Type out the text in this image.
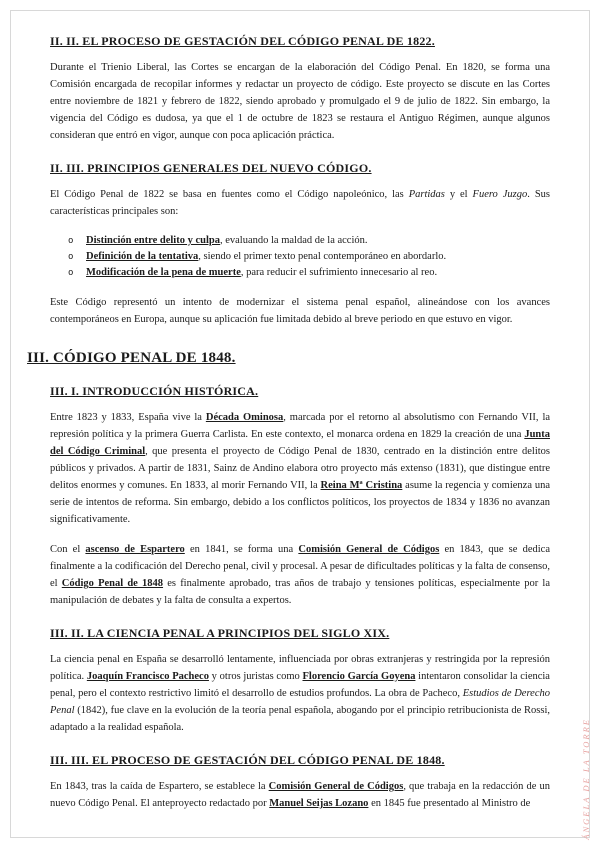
II. II. EL PROCESO DE GESTACIÓN DEL CÓDIGO PENAL DE 1822.

Durante el Trienio Liberal, las Cortes se encargan de la elaboración del Código Penal. En 1820, se forma una Comisión encargada de recopilar informes y redactar un proyecto de código. Este proyecto se discute en las Cortes entre noviembre de 1821 y febrero de 1822, siendo aprobado y promulgado el 9 de julio de 1822. Sin embargo, la vigencia del Código es dudosa, ya que el 1 de octubre de 1823 se restaura el Antiguo Régimen, aunque algunos consideran que entró en vigor, aunque con poca aplicación práctica.

II. III. PRINCIPIOS GENERALES DEL NUEVO CÓDIGO.

El Código Penal de 1822 se basa en fuentes como el Código napoleónico, las Partidas y el Fuero Juzgo. Sus características principales son:

o Distinción entre delito y culpa, evaluando la maldad de la acción.
o Definición de la tentativa, siendo el primer texto penal contemporáneo en abordarlo.
o Modificación de la pena de muerte, para reducir el sufrimiento innecesario al reo.

Este Código representó un intento de modernizar el sistema penal español, alineándose con los avances contemporáneos en Europa, aunque su aplicación fue limitada debido al breve periodo en que estuvo en vigor.

III. CÓDIGO PENAL DE 1848.
III. I. INTRODUCCIÓN HISTÓRICA.

Entre 1823 y 1833, España vive la Década Ominosa, marcada por el retorno al absolutismo con Fernando VII, la represión política y la primera Guerra Carlista. En este contexto, el monarca ordena en 1829 la creación de una Junta del Código Criminal, que presenta el proyecto de Código Penal de 1830, centrado en la distinción entre delitos públicos y privados. A partir de 1831, Sainz de Andino elabora otro proyecto más extenso (1831), que distingue entre delitos enormes y comunes. En 1833, al morir Fernando VII, la Reina Mª Cristina asume la regencia y comienza una serie de intentos de reforma. Sin embargo, debido a los conflictos políticos, los proyectos de 1834 y 1836 no avanzan significativamente.

Con el ascenso de Espartero en 1841, se forma una Comisión General de Códigos en 1843, que se dedica finalmente a la codificación del Derecho penal, civil y procesal. A pesar de dificultades políticas y la falta de consenso, el Código Penal de 1848 es finalmente aprobado, tras años de trabajo y tensiones políticas, especialmente por la manipulación de debates y la falta de consulta a expertos.

III. II. LA CIENCIA PENAL A PRINCIPIOS DEL SIGLO XIX.

La ciencia penal en España se desarrolló lentamente, influenciada por obras extranjeras y restringida por la represión política. Joaquín Francisco Pacheco y otros juristas como Florencio García Goyena intentaron consolidar la ciencia penal, pero el contexto restrictivo limitó el desarrollo de estudios profundos. La obra de Pacheco, Estudios de Derecho Penal (1842), fue clave en la evolución de la teoría penal española, abogando por el principio retribucionista de Rossi, adaptado a la realidad española.

III. III. EL PROCESO DE GESTACIÓN DEL CÓDIGO PENAL DE 1848.

En 1843, tras la caída de Espartero, se establece la Comisión General de Códigos, que trabaja en la redacción de un nuevo Código Penal. El anteproyecto redactado por Manuel Seijas Lozano en 1845 fue presentado al Ministro de	ÁNGELA DE LA TORRE
